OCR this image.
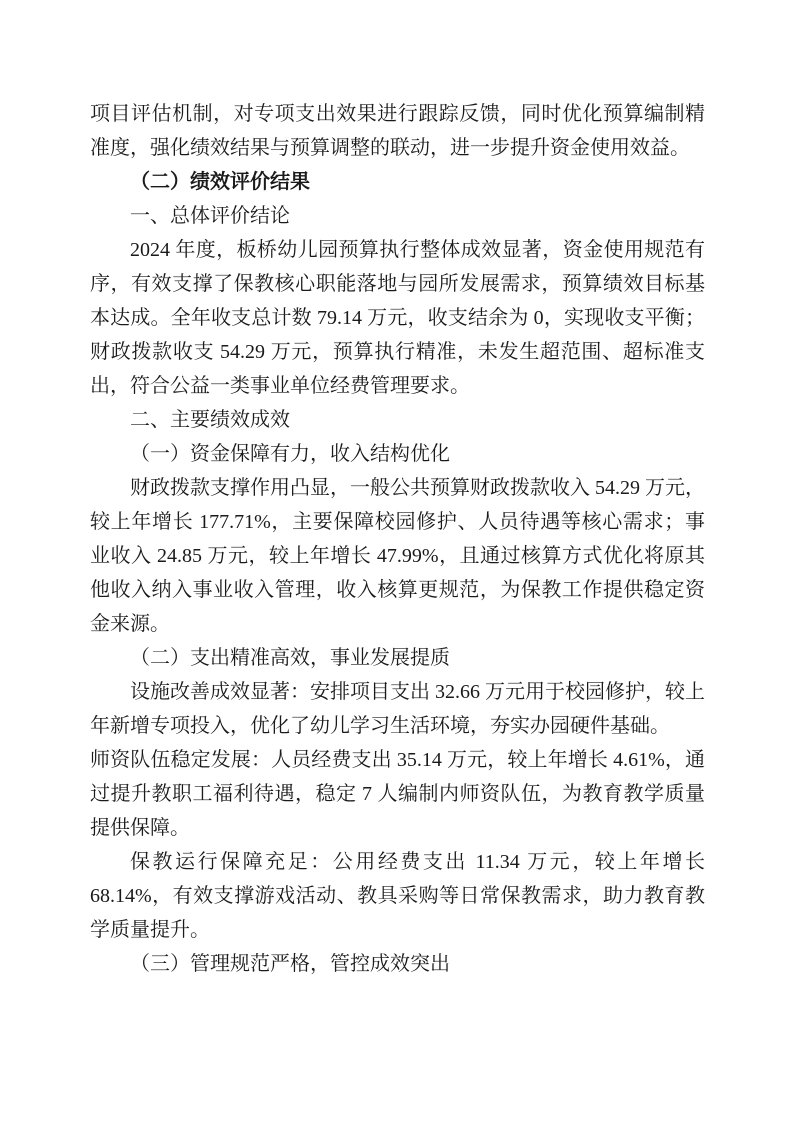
项目评估机制，对专项支出效果进行跟踪反馈，同时优化预算编制精准度，强化绩效结果与预算调整的联动，进一步提升资金使用效益。

（二）绩效评价结果

一、总体评价结论

2024 年度，板桥幼儿园预算执行整体成效显著，资金使用规范有序，有效支撑了保教核心职能落地与园所发展需求，预算绩效目标基本达成。全年收支总计数 79.14 万元，收支结余为 0，实现收支平衡；财政拨款收支 54.29 万元，预算执行精准，未发生超范围、超标准支出，符合公益一类事业单位经费管理要求。

二、主要绩效成效

（一）资金保障有力，收入结构优化

财政拨款支撑作用凸显，一般公共预算财政拨款收入 54.29 万元，较上年增长 177.71%，主要保障校园修护、人员待遇等核心需求；事业收入 24.85 万元，较上年增长 47.99%，且通过核算方式优化将原其他收入纳入事业收入管理，收入核算更规范，为保教工作提供稳定资金来源。

（二）支出精准高效，事业发展提质

设施改善成效显著：安排项目支出 32.66 万元用于校园修护，较上年新增专项投入，优化了幼儿学习生活环境，夯实办园硬件基础。

师资队伍稳定发展：人员经费支出 35.14 万元，较上年增长 4.61%，通过提升教职工福利待遇，稳定 7 人编制内师资队伍，为教育教学质量提供保障。

保教运行保障充足：公用经费支出 11.34 万元，较上年增长 68.14%，有效支撑游戏活动、教具采购等日常保教需求，助力教育教学质量提升。

（三）管理规范严格，管控成效突出
